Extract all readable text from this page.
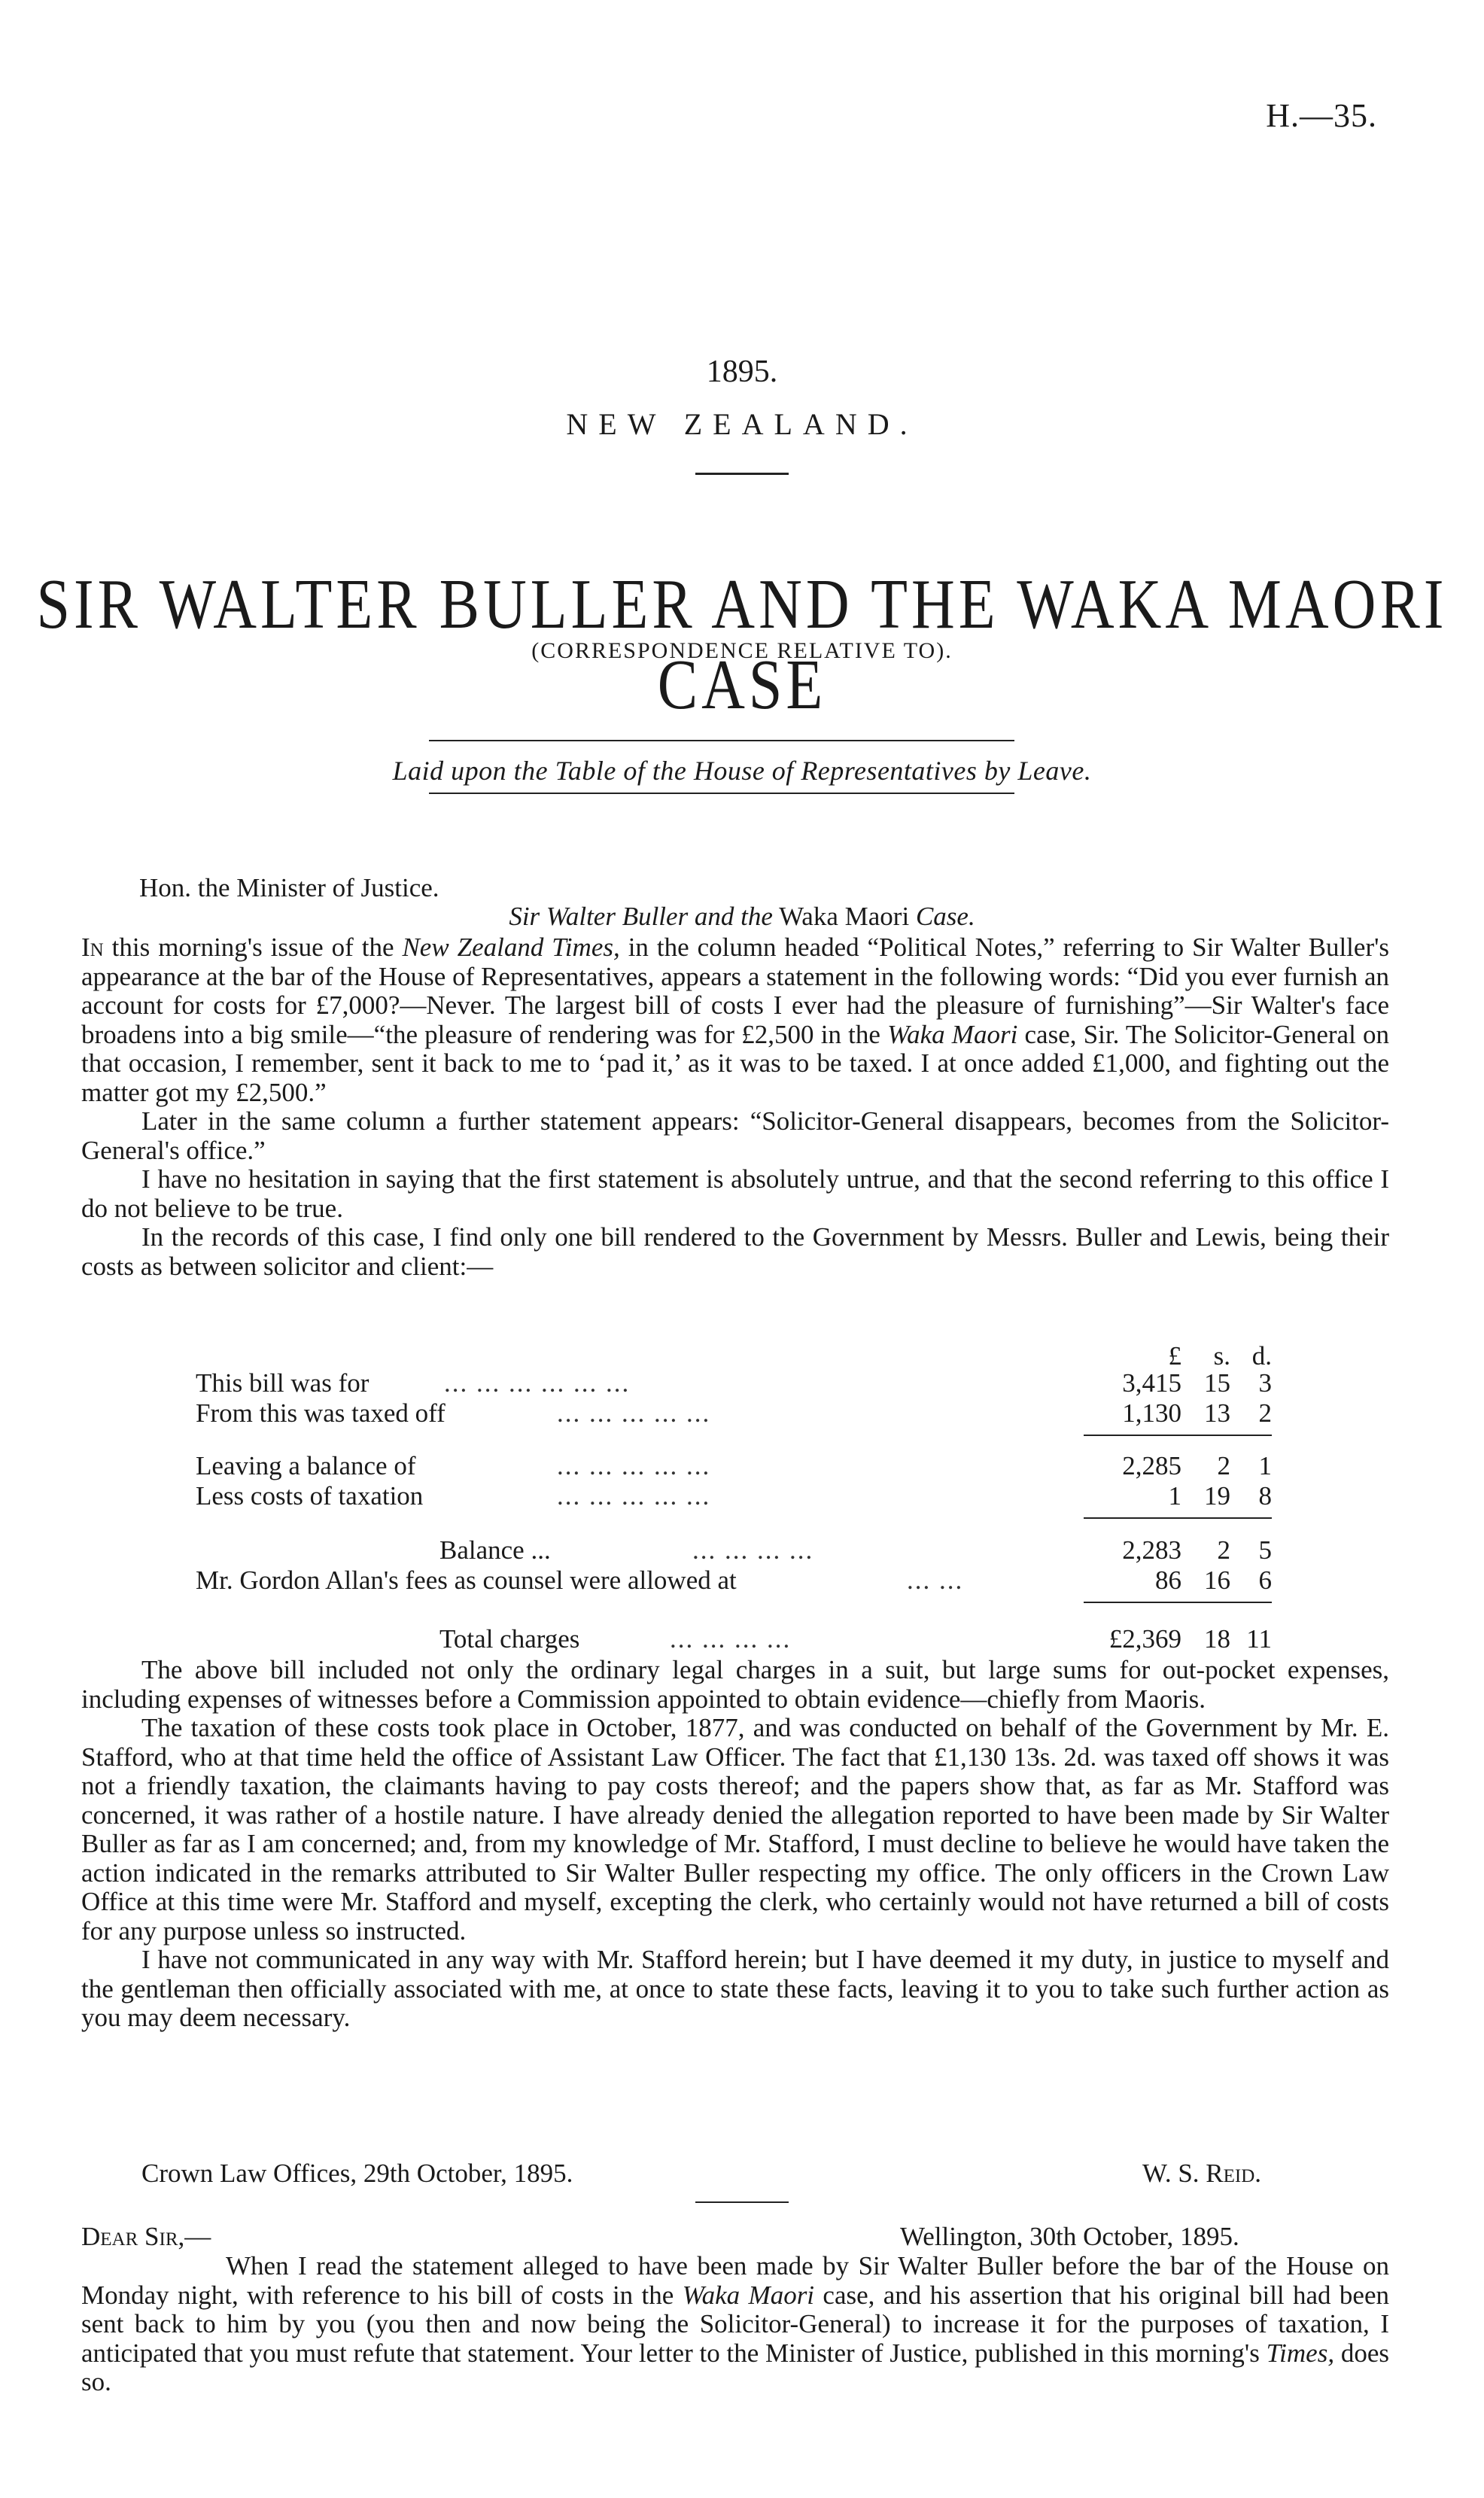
H.—35.
1895.
NEW ZEALAND.
SIR WALTER BULLER AND THE WAKA MAORI CASE
(CORRESPONDENCE RELATIVE TO).
Laid upon the Table of the House of Representatives by Leave.
Hon. the Minister of Justice.
Sir Walter Buller and the Waka Maori Case.

In this morning's issue of the New Zealand Times, in the column headed “Political Notes,” referring to Sir Walter Buller's appearance at the bar of the House of Representatives, appears a statement in the following words: “Did you ever furnish an account for costs for £7,000?—Never. The largest bill of costs I ever had the pleasure of furnishing”—Sir Walter's face broadens into a big smile—“the pleasure of rendering was for £2,500 in the Waka Maori case, Sir. The Solicitor-General on that occasion, I remember, sent it back to me to ‘pad it,’ as it was to be taxed. I at once added £1,000, and fighting out the matter got my £2,500.”

Later in the same column a further statement appears: “Solicitor-General disappears, becomes from the Solicitor-General's office.”

I have no hesitation in saying that the first statement is absolutely untrue, and that the second referring to this office I do not believe to be true.

In the records of this case, I find only one bill rendered to the Government by Messrs. Buller and Lewis, being their costs as between solicitor and client:—

£ s. d.
This bill was for	... ... ... ... ... ...	3,415 15 3
From this was taxed off	... ... ... ... ...	1,130 13 2
Leaving a balance of	... ... ... ... ...	2,285 2 1
Less costs of taxation	... ... ... ... ...	1 19 8
Balance ...	... ... ... ...	2,283 2 5
Mr. Gordon Allan's fees as counsel were allowed at	... ...	86 16 6
Total charges	... ... ... ...	£2,369 18 11

The above bill included not only the ordinary legal charges in a suit, but large sums for out-pocket expenses, including expenses of witnesses before a Commission appointed to obtain evidence—chiefly from Maoris.

The taxation of these costs took place in October, 1877, and was conducted on behalf of the Government by Mr. E. Stafford, who at that time held the office of Assistant Law Officer. The fact that £1,130 13s. 2d. was taxed off shows it was not a friendly taxation, the claimants having to pay costs thereof; and the papers show that, as far as Mr. Stafford was concerned, it was rather of a hostile nature. I have already denied the allegation reported to have been made by Sir Walter Buller as far as I am concerned; and, from my knowledge of Mr. Stafford, I must decline to believe he would have taken the action indicated in the remarks attributed to Sir Walter Buller respecting my office. The only officers in the Crown Law Office at this time were Mr. Stafford and myself, excepting the clerk, who certainly would not have returned a bill of costs for any purpose unless so instructed.

I have not communicated in any way with Mr. Stafford herein; but I have deemed it my duty, in justice to myself and the gentleman then officially associated with me, at once to state these facts, leaving it to you to take such further action as you may deem necessary.

Crown Law Offices, 29th October, 1895.	W. S. Reid.
Dear Sir,—	Wellington, 30th October, 1895.

When I read the statement alleged to have been made by Sir Walter Buller before the bar of the House on Monday night, with reference to his bill of costs in the Waka Maori case, and his assertion that his original bill had been sent back to him by you (you then and now being the Solicitor-General) to increase it for the purposes of taxation, I anticipated that you must refute that statement. Your letter to the Minister of Justice, published in this morning's Times, does so.
